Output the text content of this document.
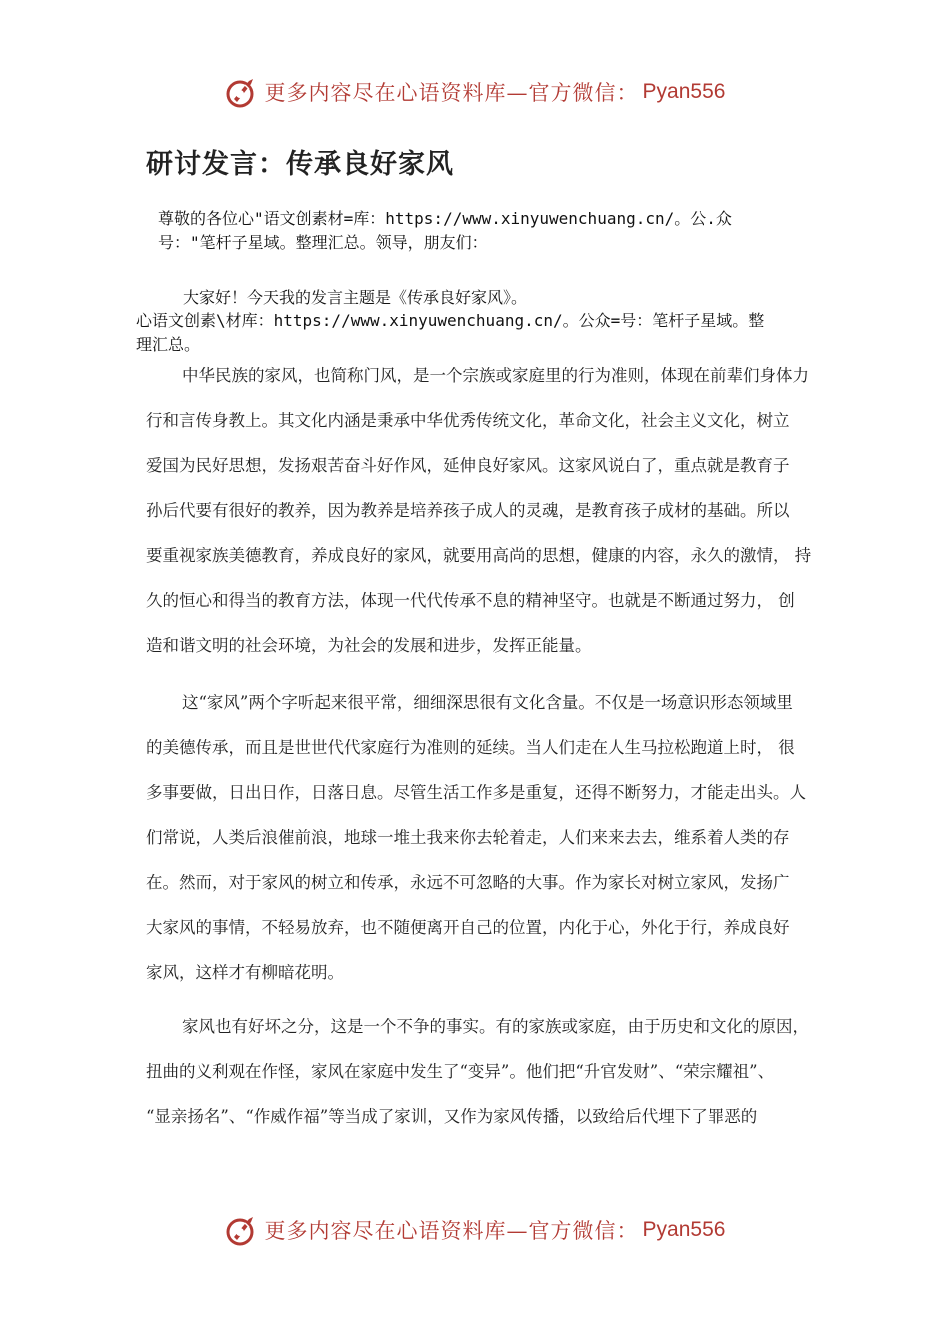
更多内容尽在心语资料库—官方微信： Pyan556
研讨发言：传承良好家风
尊敬的各位心"语文创素材=库：https://www.xinyuwenchuang.cn/。公.众
号："笔杆子星域。整理汇总。领导，朋友们：
大家好！今天我的发言主题是《传承良好家风》。
心语文创素\材库：https://www.xinyuwenchuang.cn/。公众=号：笔杆子星域。整
理汇总。
中华民族的家风，也简称门风，是一个宗族或家庭里的行为准则，体现在前辈们身体力
行和言传身教上。其文化内涵是秉承中华优秀传统文化，革命文化，社会主义文化，树立
爱国为民好思想，发扬艰苦奋斗好作风，延伸良好家风。这家风说白了，重点就是教育子
孙后代要有很好的教养，因为教养是培养孩子成人的灵魂，是教育孩子成材的基础。所以
要重视家族美德教育，养成良好的家风，就要用高尚的思想，健康的内容，永久的激情， 持
久的恒心和得当的教育方法，体现一代代传承不息的精神坚守。也就是不断通过努力， 创
造和谐文明的社会环境，为社会的发展和进步，发挥正能量。
这“家风”两个字听起来很平常，细细深思很有文化含量。不仅是一场意识形态领域里
的美德传承，而且是世世代代家庭行为准则的延续。当人们走在人生马拉松跑道上时， 很
多事要做，日出日作，日落日息。尽管生活工作多是重复，还得不断努力，才能走出头。人
们常说，人类后浪催前浪，地球一堆土我来你去轮着走，人们来来去去，维系着人类的存
在。然而，对于家风的树立和传承，永远不可忽略的大事。作为家长对树立家风，发扬广
大家风的事情，不轻易放弃，也不随便离开自己的位置，内化于心，外化于行，养成良好
家风，这样才有柳暗花明。
家风也有好坏之分，这是一个不争的事实。有的家族或家庭，由于历史和文化的原因，
扭曲的义利观在作怪，家风在家庭中发生了“变异”。他们把“升官发财”、“荣宗耀祖”、
“显亲扬名”、“作威作福”等当成了家训，又作为家风传播，以致给后代埋下了罪恶的
更多内容尽在心语资料库—官方微信： Pyan556
